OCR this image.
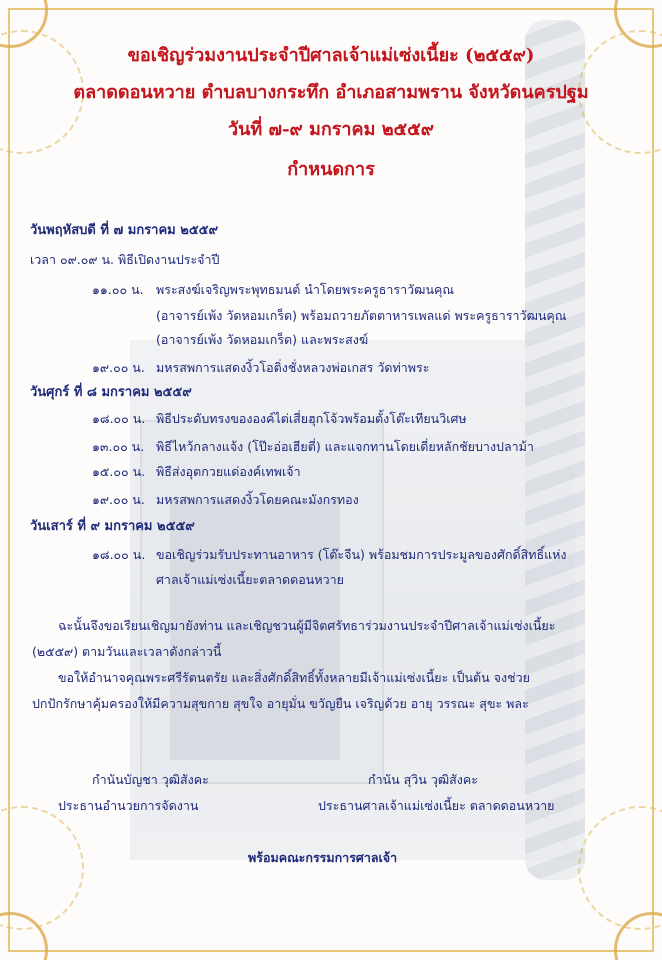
ขอเชิญร่วมงานประจำปีศาลเจ้าแม่เซ่งเนี้ยะ (๒๕๕๙)
ตลาดดอนหวาย ตำบลบางกระทึก อำเภอสามพราน จังหวัดนครปฐม
วันที่ ๗-๙ มกราคม ๒๕๕๙
กำหนดการ
วันพฤหัสบดี ที่ ๗ มกราคม ๒๕๕๙
เวลา ๐๙.๐๙ น. พิธีเปิดงานประจำปี
๑๑.๐๐ น. พระสงฆ์เจริญพระพุทธมนต์ นำโดยพระครูธาราวัฒนคุณ
(อาจารย์เพ้ง วัดหอมเกร็ด) พร้อมถวายภัตตาหารเพลแด่ พระครูธาราวัฒนคุณ
(อาจารย์เพ้ง วัดหอมเกร็ด) และพระสงฆ์
๑๙.๐๐ น. มหรสพการแสดงงิ้วโอติ่งชั่งหลวงพ่อเกสร วัดท่าพระ
วันศุกร์ ที่ ๘ มกราคม ๒๕๕๙
๑๘.๐๐ น. พิธีประดับทรงขององค์ไต่เสี่ยฮุกโจ้วพร้อมตั้งโต๊ะเทียนวิเศษ
๑๓.๐๐ น. พิธีไหว้กลางแจ้ง (โป๊ะอ่อเฮียตี่) และแจกทานโดยเดี่ยหลักชัยบางปลาม้า
๑๕.๐๐ น. พิธีส่งอุตกวยแด่องค์เทพเจ้า
๑๙.๐๐ น. มหรสพการแสดงงิ้วโดยคณะมังกรทอง
วันเสาร์ ที่ ๙ มกราคม ๒๕๕๙
๑๘.๐๐ น. ขอเชิญร่วมรับประทานอาหาร (โต๊ะจีน) พร้อมชมการประมูลของศักดิ์สิทธิ์แห่ง
ศาลเจ้าแม่เซ่งเนี้ยะตลาดดอนหวาย
ฉะนั้นจึงขอเรียนเชิญมายังท่าน และเชิญชวนผู้มีจิตศรัทธาร่วมงานประจำปีศาลเจ้าแม่เซ่งเนี้ยะ
(๒๕๕๙) ตามวันและเวลาดังกล่าวนี้
ขอให้อำนาจคุณพระศรีรัตนตรัย และสิ่งศักดิ์สิทธิ์ทั้งหลายมีเจ้าแม่เซ่งเนี้ยะ เป็นต้น จงช่วย
ปกปักรักษาคุ้มครองให้มีความสุขกาย สุขใจ อายุมั่น ขวัญยืน เจริญด้วย อายุ วรรณะ สุขะ พละ
กำนันบัญชา วุฒิสังคะ
ประธานอำนวยการจัดงาน
กำนัน สุวิน วุฒิสังคะ
ประธานศาลเจ้าแม่เซ่งเนี้ยะ ตลาดดอนหวาย
พร้อมคณะกรรมการศาลเจ้า
